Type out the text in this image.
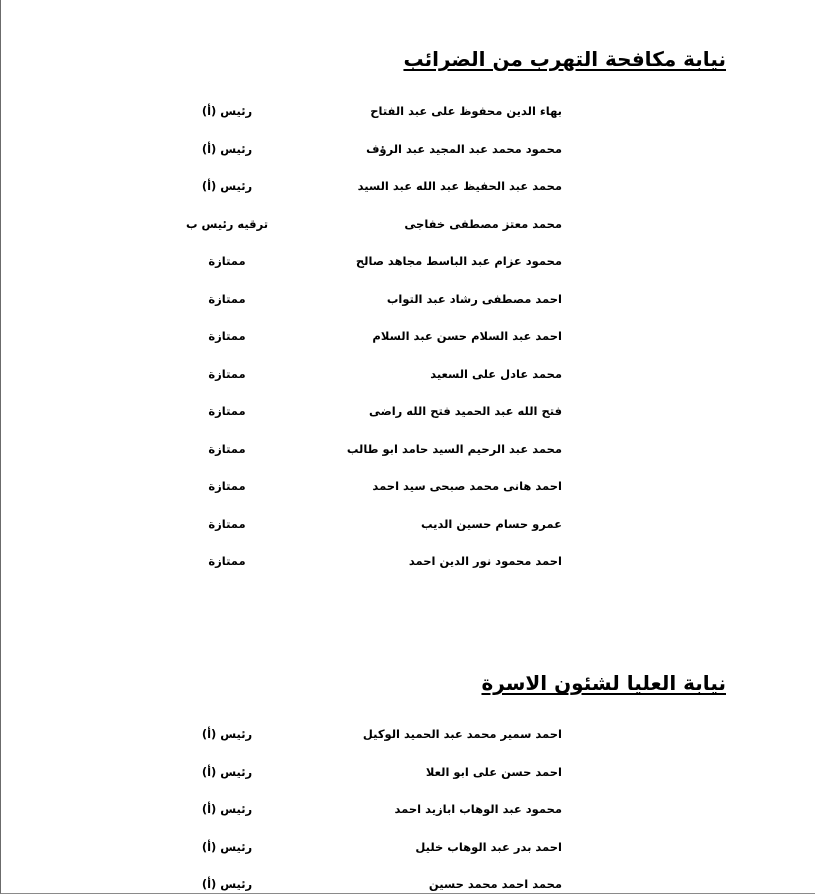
نيابة مكافحة التهرب من الضرائب
بهاء الدين محفوظ على عبد الفتاح
رئيس (أ)
محمود محمد عبد المجيد عبد الرؤف
رئيس (أ)
محمد عبد الحفيظ عبد الله عبد السيد
رئيس (أ)
محمد معتز مصطفى خفاجى
ترقيه رئيس ب
محمود عزام عبد الباسط مجاهد صالح
ممتازة
احمد مصطفى رشاد عبد التواب
ممتازة
احمد عبد السلام حسن عبد السلام
ممتازة
محمد عادل على السعيد
ممتازة
فتح الله عبد الحميد فتح الله راضى
ممتازة
محمد عبد الرحيم السيد حامد ابو طالب
ممتازة
احمد هانى محمد صبحى سيد احمد
ممتازة
عمرو حسام حسين الديب
ممتازة
احمد محمود نور الدين احمد
ممتازة
نيابة العليا لشئون الاسرة
احمد سمير محمد عبد الحميد الوكيل
رئيس (أ)
احمد حسن على ابو العلا
رئيس (أ)
محمود عبد الوهاب ابازيد احمد
رئيس (أ)
احمد بدر عبد الوهاب خليل
رئيس (أ)
محمد احمد محمد حسين
رئيس (أ)
